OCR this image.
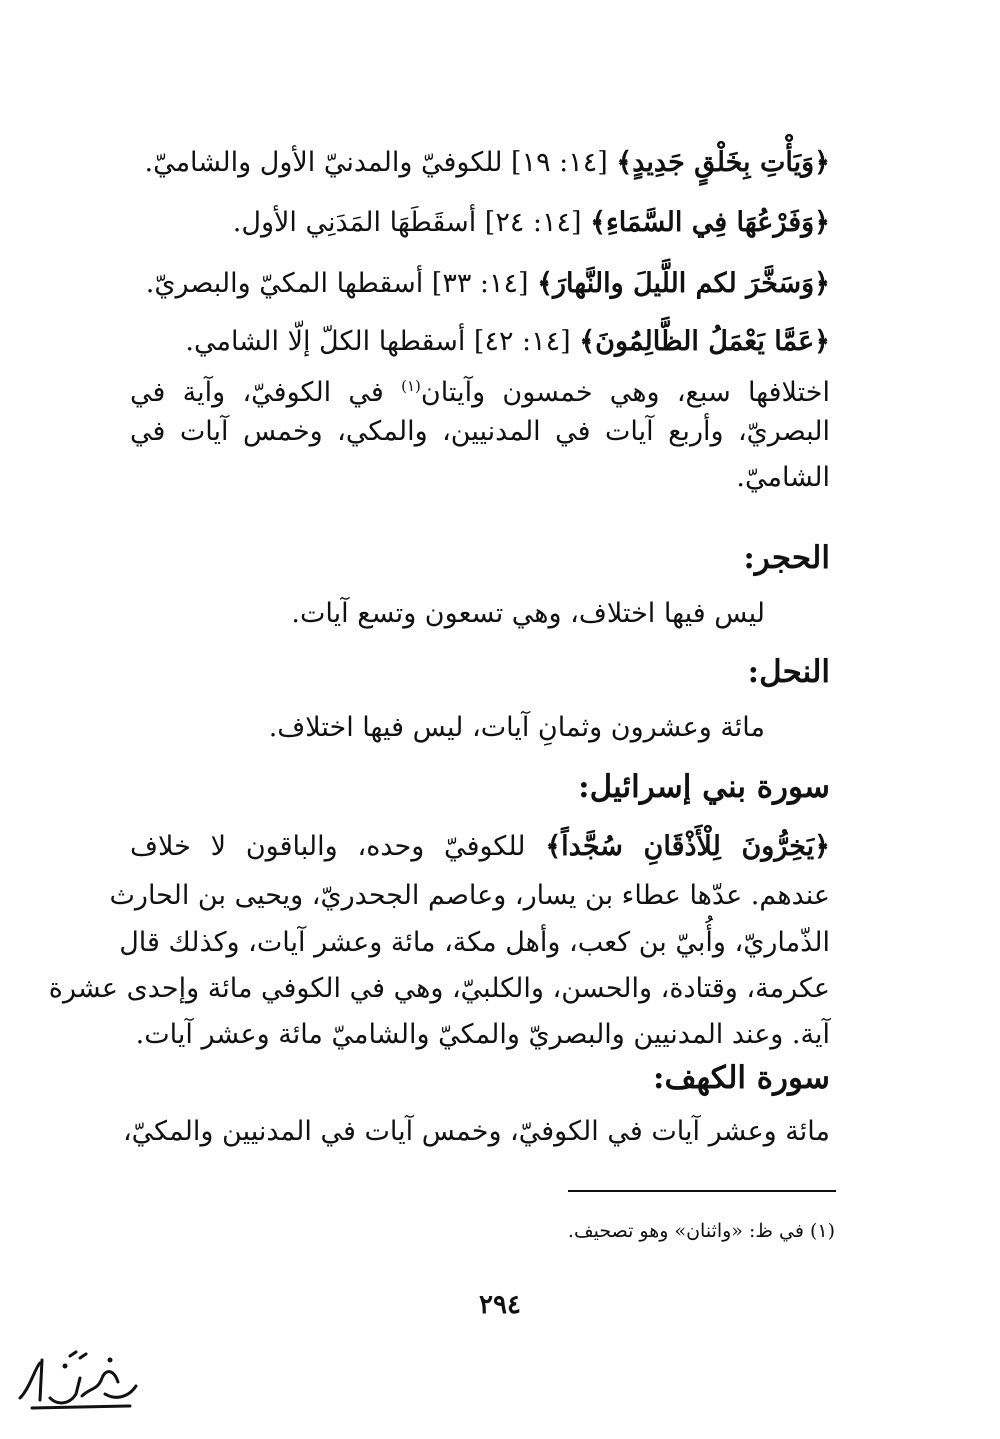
﴿وَيَأْتِ بِخَلْقٍ جَدِيدٍ﴾ [١٤: ١٩] للكوفيّ والمدنيّ الأول والشاميّ.
﴿وَفَرْعُهَا فِي السَّمَاءِ﴾ [١٤: ٢٤] أسقَطَهَا المَدَنِي الأول.
﴿وَسَخَّرَ لكم اللَّيلَ والنَّهارَ﴾ [١٤: ٣٣] أسقطها المكيّ والبصريّ.
﴿عَمَّا يَعْمَلُ الظَّالِمُونَ﴾ [١٤: ٤٢] أسقطها الكلّ إلّا الشامي.
اختلافها سبع، وهي خمسون وآيتان$^{(١)}$ في الكوفيّ، وآية في
البصريّ، وأربع آيات في المدنيين، والمكي، وخمس آيات في
الشاميّ.
الحجر:
ليس فيها اختلاف، وهي تسعون وتسع آيات.
النحل:
مائة وعشرون وثمانِ آيات، ليس فيها اختلاف.
سورة بني إسرائيل:
﴿يَخِرُّونَ لِلْأَذْقَانِ سُجَّداً﴾ للكوفيّ وحده، والباقون لا خلاف
عندهم. عدّها عطاء بن يسار، وعاصم الجحدريّ، ويحيى بن الحارث
الذّماريّ، وأُبيّ بن كعب، وأهل مكة، مائة وعشر آيات، وكذلك قال
عكرمة، وقتادة، والحسن، والكلبيّ، وهي في الكوفي مائة وإحدى عشرة
آية. وعند المدنيين والبصريّ والمكيّ والشاميّ مائة وعشر آيات.
سورة الكهف:
مائة وعشر آيات في الكوفيّ، وخمس آيات في المدنيين والمكيّ،
(١) في ظ: «واثنان» وهو تصحيف.
٢٩٤
